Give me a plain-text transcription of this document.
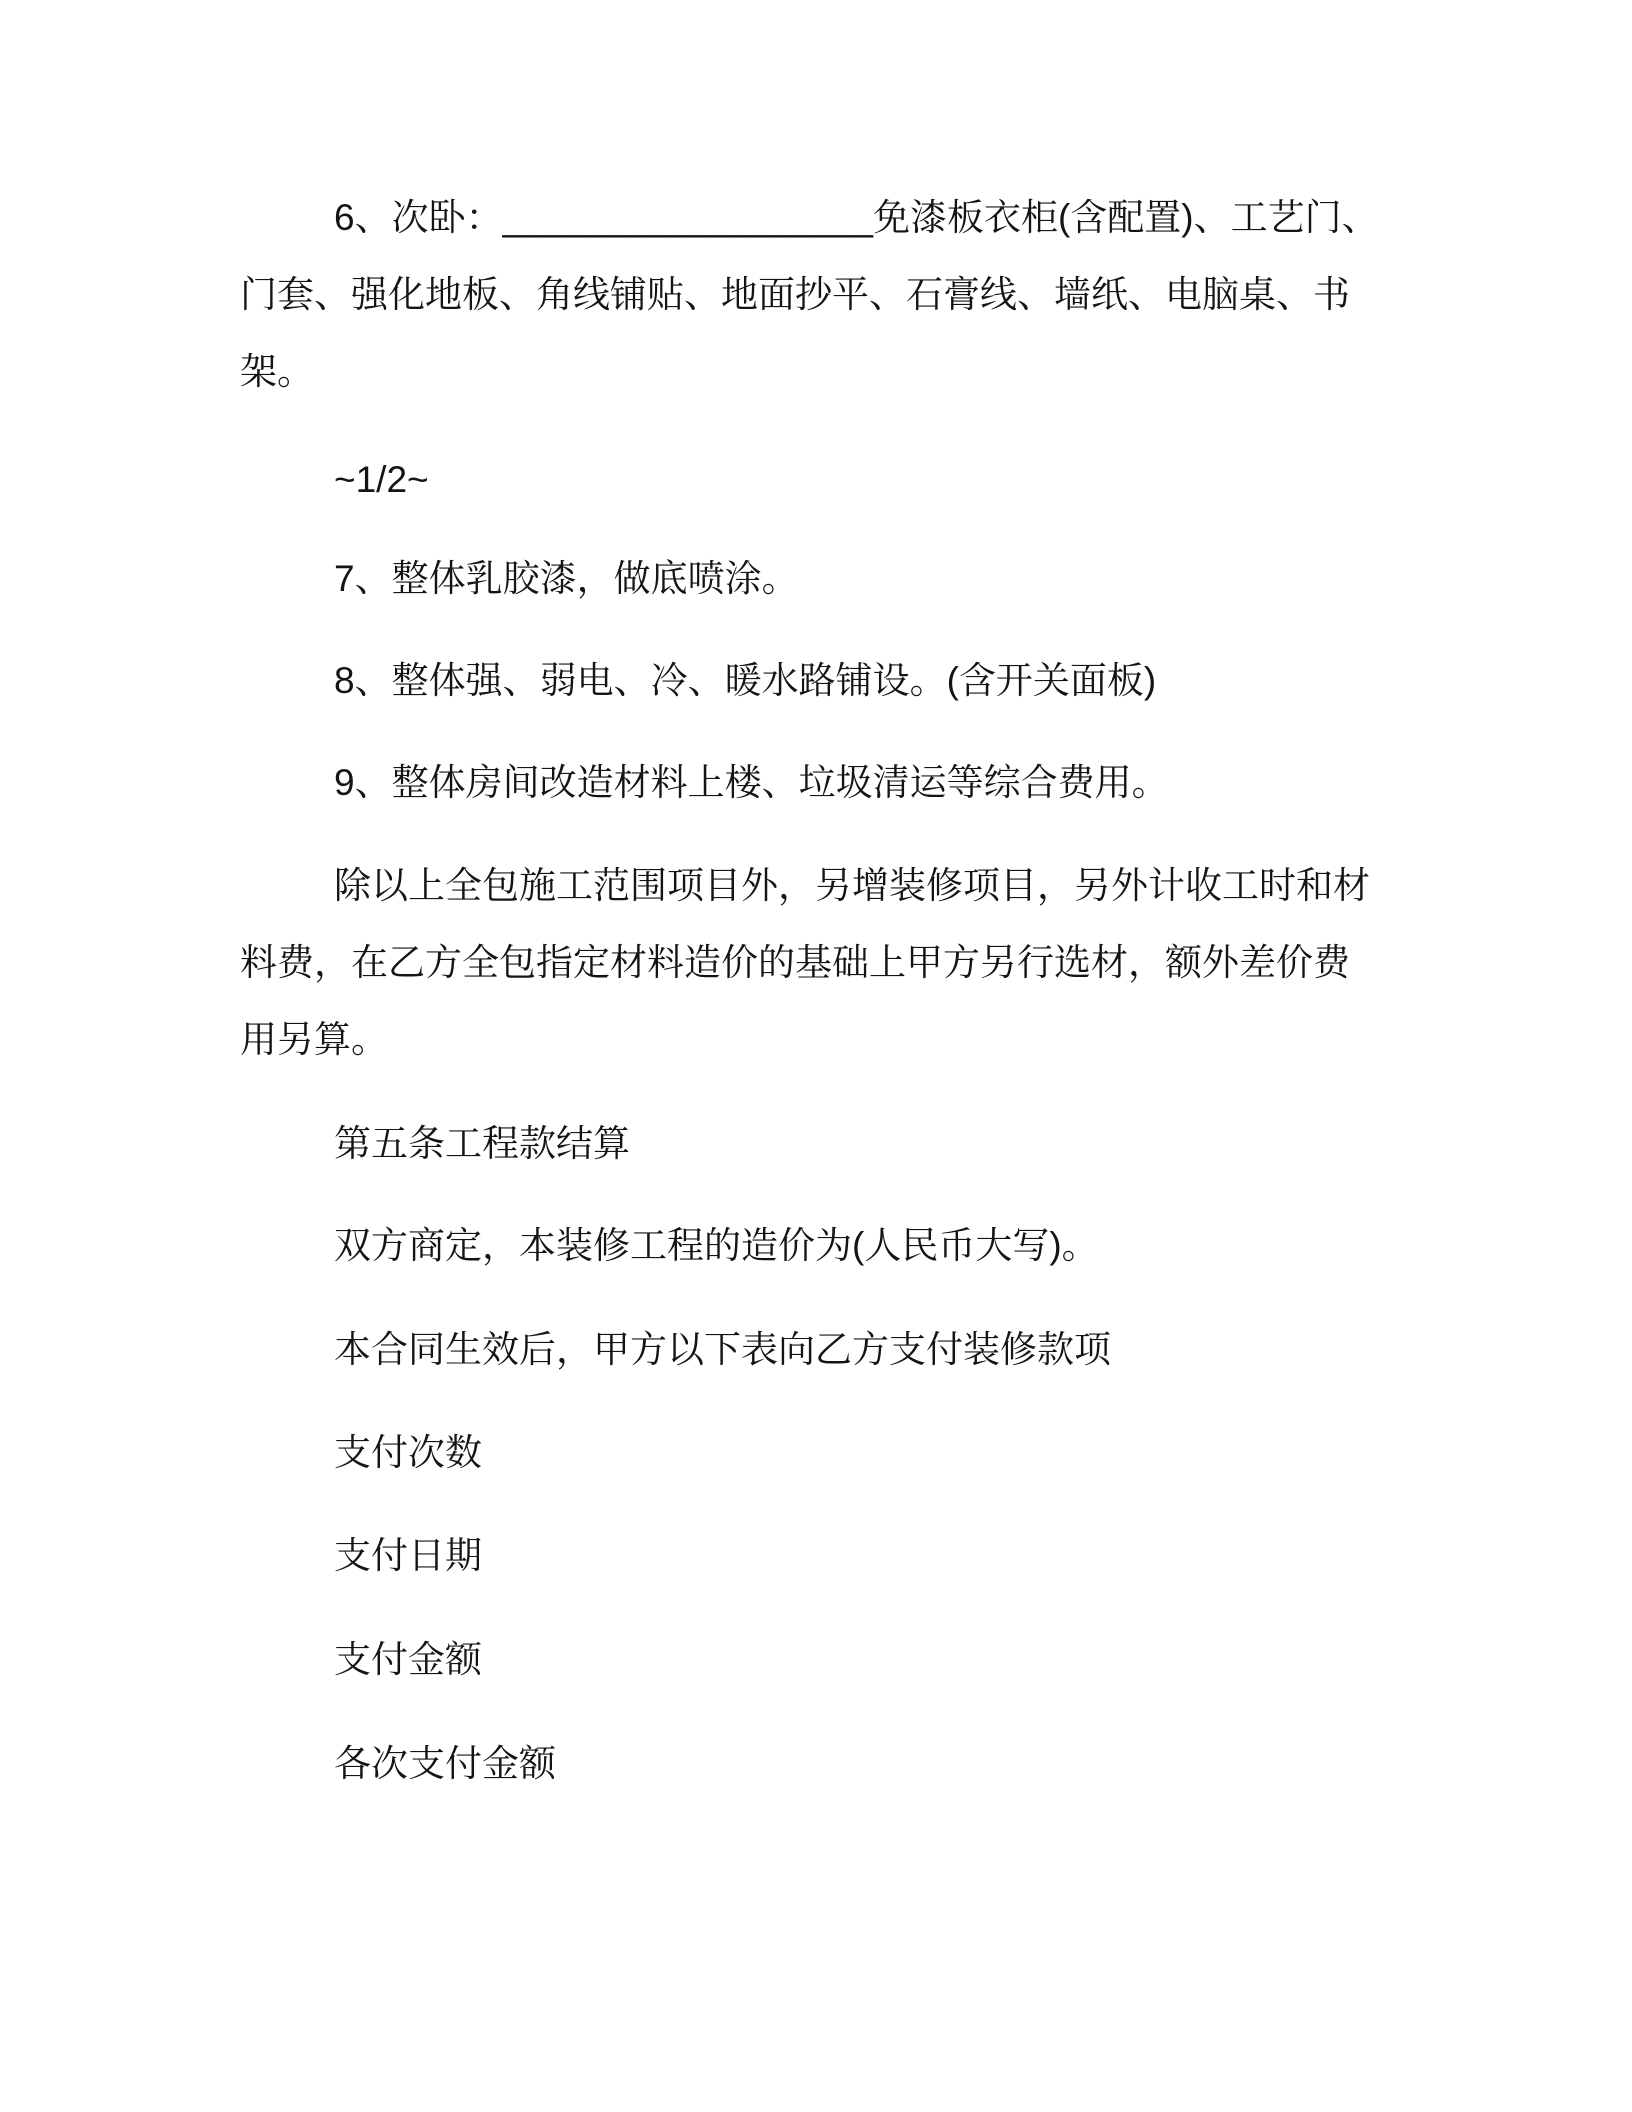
6、次卧：__________________免漆板衣柜(含配置)、工艺门、
门套、强化地板、角线铺贴、地面抄平、石膏线、墙纸、电脑桌、书
架。
~1/2~
7、整体乳胶漆，做底喷涂。
8、整体强、弱电、冷、暖水路铺设。(含开关面板)
9、整体房间改造材料上楼、垃圾清运等综合费用。
除以上全包施工范围项目外，另增装修项目，另外计收工时和材
料费，在乙方全包指定材料造价的基础上甲方另行选材，额外差价费
用另算。
第五条工程款结算
双方商定，本装修工程的造价为(人民币大写)。
本合同生效后，甲方以下表向乙方支付装修款项
支付次数
支付日期
支付金额
各次支付金额
